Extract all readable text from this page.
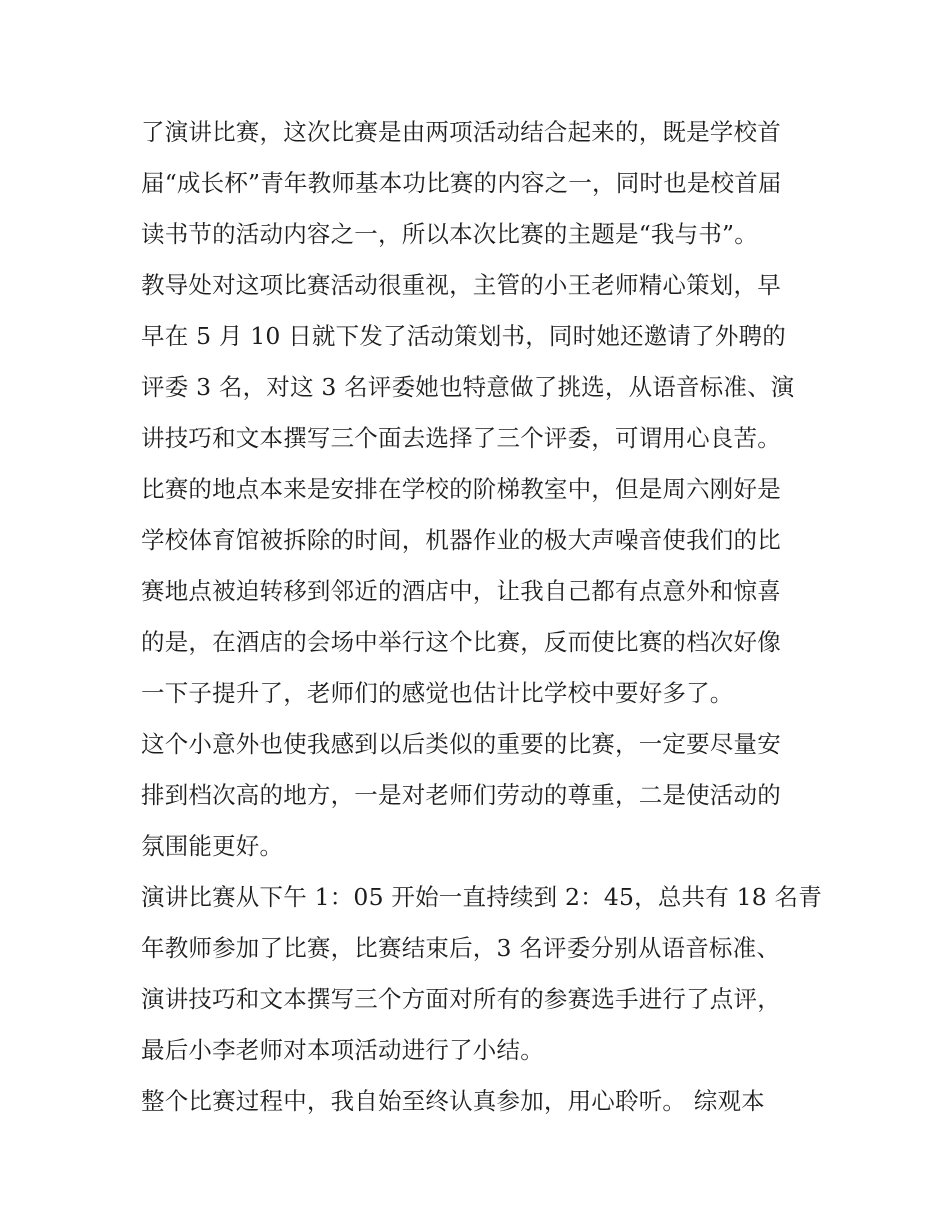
了演讲比赛，这次比赛是由两项活动结合起来的，既是学校首
届“成长杯”青年教师基本功比赛的内容之一，同时也是校首届
读书节的活动内容之一，所以本次比赛的主题是“我与书”。
教导处对这项比赛活动很重视，主管的小王老师精心策划，早
早在 5 月 10 日就下发了活动策划书，同时她还邀请了外聘的
评委 3 名，对这 3 名评委她也特意做了挑选，从语音标准、演
讲技巧和文本撰写三个面去选择了三个评委，可谓用心良苦。
比赛的地点本来是安排在学校的阶梯教室中，但是周六刚好是
学校体育馆被拆除的时间，机器作业的极大声噪音使我们的比
赛地点被迫转移到邻近的酒店中，让我自己都有点意外和惊喜
的是，在酒店的会场中举行这个比赛，反而使比赛的档次好像
一下子提升了，老师们的感觉也估计比学校中要好多了。
这个小意外也使我感到以后类似的重要的比赛，一定要尽量安
排到档次高的地方，一是对老师们劳动的尊重，二是使活动的
氛围能更好。
演讲比赛从下午 1：05 开始一直持续到 2：45，总共有 18 名青
年教师参加了比赛，比赛结束后，3 名评委分别从语音标准、
演讲技巧和文本撰写三个方面对所有的参赛选手进行了点评，
最后小李老师对本项活动进行了小结。
整个比赛过程中，我自始至终认真参加，用心聆听。 综观本
